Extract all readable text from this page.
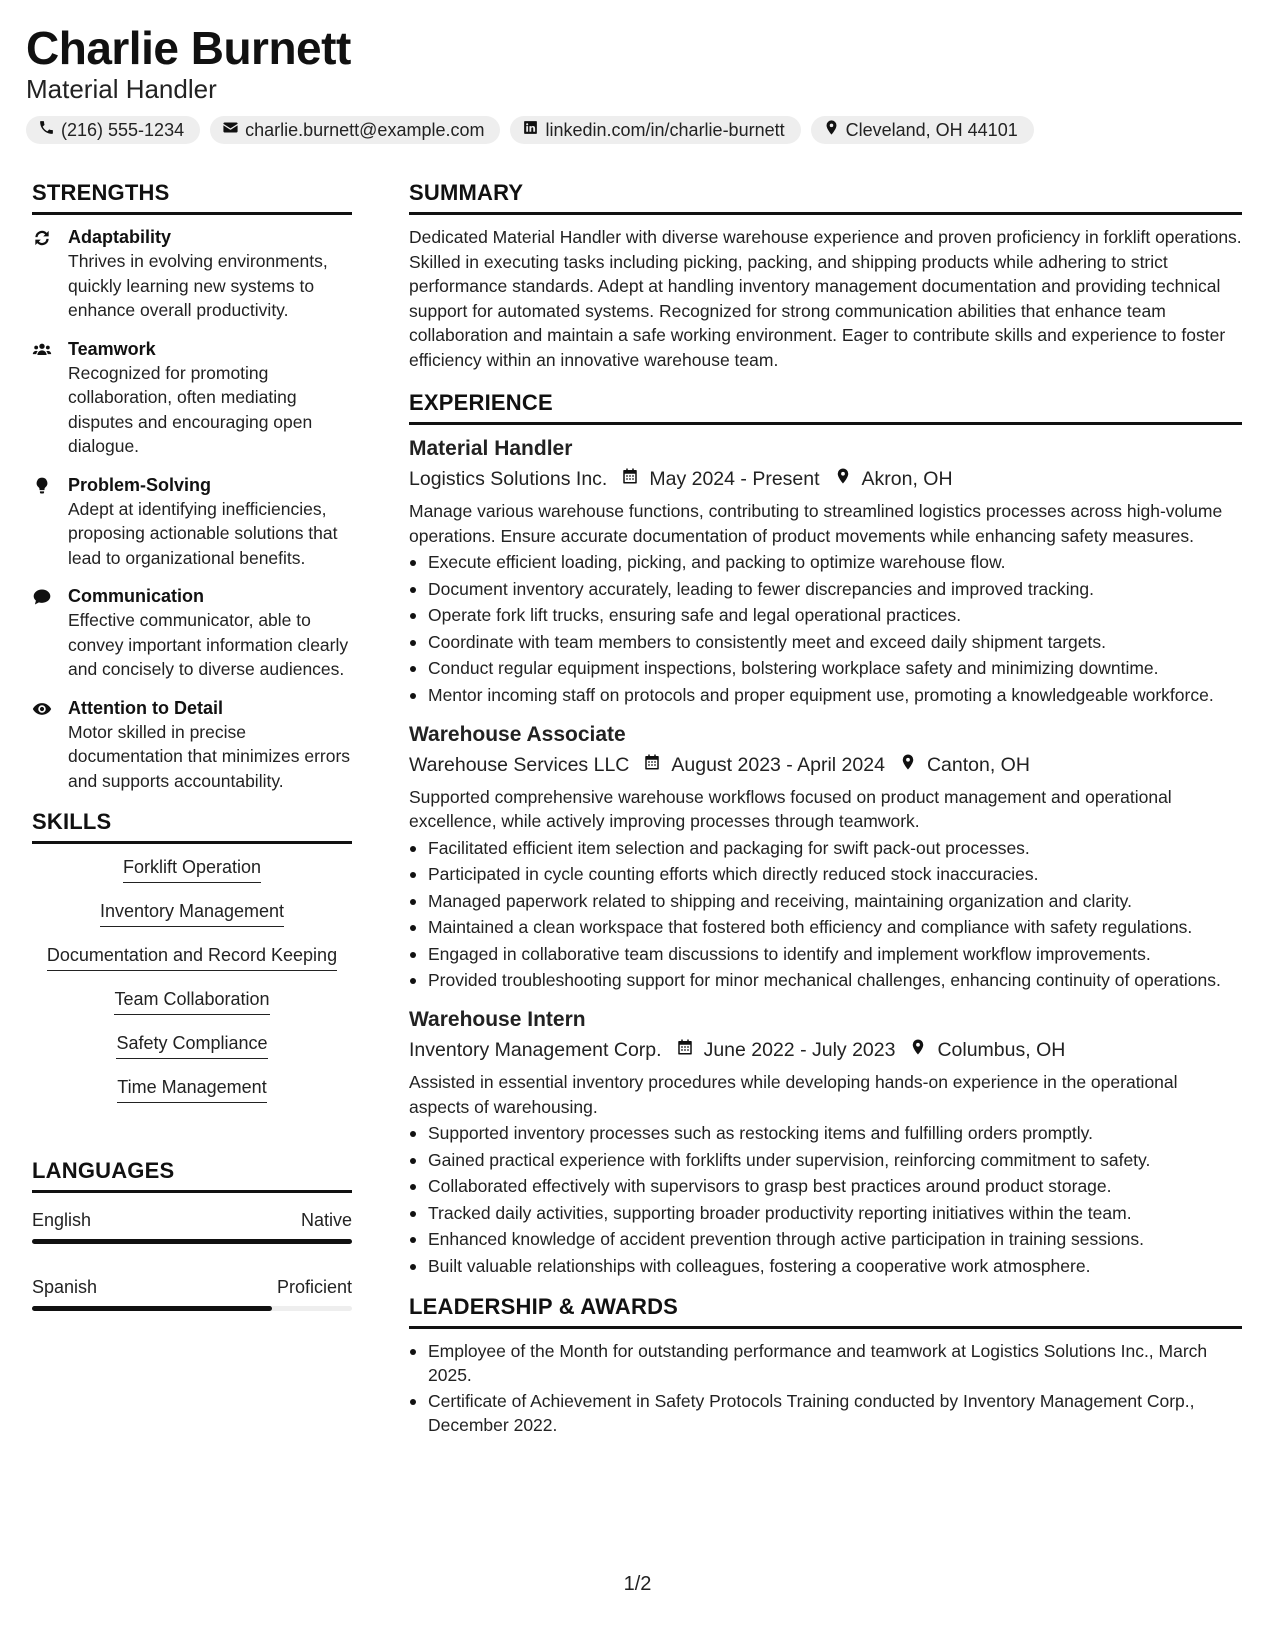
Charlie Burnett
Material Handler
(216) 555-1234	charlie.burnett@example.com	linkedin.com/in/charlie-burnett	Cleveland, OH 44101
STRENGTHS
Adaptability
Thrives in evolving environments, quickly learning new systems to enhance overall productivity.
Teamwork
Recognized for promoting collaboration, often mediating disputes and encouraging open dialogue.
Problem-Solving
Adept at identifying inefficiencies, proposing actionable solutions that lead to organizational benefits.
Communication
Effective communicator, able to convey important information clearly and concisely to diverse audiences.
Attention to Detail
Motor skilled in precise documentation that minimizes errors and supports accountability.
SKILLS
Forklift Operation
Inventory Management
Documentation and Record Keeping
Team Collaboration
Safety Compliance
Time Management
LANGUAGES
English	Native
Spanish	Proficient
SUMMARY
Dedicated Material Handler with diverse warehouse experience and proven proficiency in forklift operations. Skilled in executing tasks including picking, packing, and shipping products while adhering to strict performance standards. Adept at handling inventory management documentation and providing technical support for automated systems. Recognized for strong communication abilities that enhance team collaboration and maintain a safe working environment. Eager to contribute skills and experience to foster efficiency within an innovative warehouse team.
EXPERIENCE
Material Handler
Logistics Solutions Inc. May 2024 - Present Akron, OH
Manage various warehouse functions, contributing to streamlined logistics processes across high-volume operations. Ensure accurate documentation of product movements while enhancing safety measures.
Execute efficient loading, picking, and packing to optimize warehouse flow.
Document inventory accurately, leading to fewer discrepancies and improved tracking.
Operate fork lift trucks, ensuring safe and legal operational practices.
Coordinate with team members to consistently meet and exceed daily shipment targets.
Conduct regular equipment inspections, bolstering workplace safety and minimizing downtime.
Mentor incoming staff on protocols and proper equipment use, promoting a knowledgeable workforce.
Warehouse Associate
Warehouse Services LLC August 2023 - April 2024 Canton, OH
Supported comprehensive warehouse workflows focused on product management and operational excellence, while actively improving processes through teamwork.
Facilitated efficient item selection and packaging for swift pack-out processes.
Participated in cycle counting efforts which directly reduced stock inaccuracies.
Managed paperwork related to shipping and receiving, maintaining organization and clarity.
Maintained a clean workspace that fostered both efficiency and compliance with safety regulations.
Engaged in collaborative team discussions to identify and implement workflow improvements.
Provided troubleshooting support for minor mechanical challenges, enhancing continuity of operations.
Warehouse Intern
Inventory Management Corp. June 2022 - July 2023 Columbus, OH
Assisted in essential inventory procedures while developing hands-on experience in the operational aspects of warehousing.
Supported inventory processes such as restocking items and fulfilling orders promptly.
Gained practical experience with forklifts under supervision, reinforcing commitment to safety.
Collaborated effectively with supervisors to grasp best practices around product storage.
Tracked daily activities, supporting broader productivity reporting initiatives within the team.
Enhanced knowledge of accident prevention through active participation in training sessions.
Built valuable relationships with colleagues, fostering a cooperative work atmosphere.
LEADERSHIP & AWARDS
Employee of the Month for outstanding performance and teamwork at Logistics Solutions Inc., March 2025.
Certificate of Achievement in Safety Protocols Training conducted by Inventory Management Corp., December 2022.
1/2
